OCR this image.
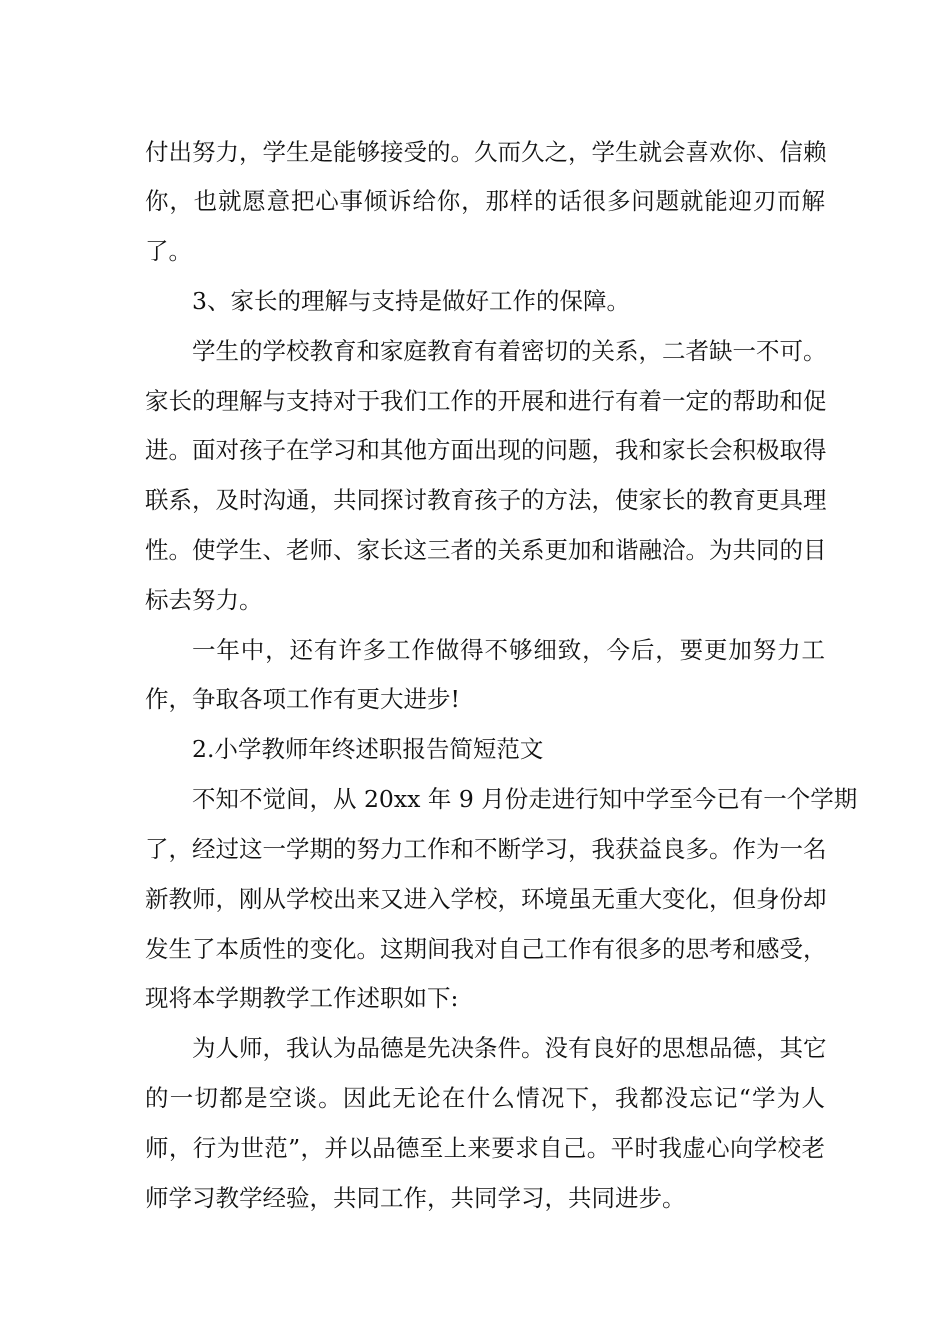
付出努力，学生是能够接受的。久而久之，学生就会喜欢你、信赖
你，也就愿意把心事倾诉给你，那样的话很多问题就能迎刃而解
了。
3、家长的理解与支持是做好工作的保障。
学生的学校教育和家庭教育有着密切的关系，二者缺一不可。
家长的理解与支持对于我们工作的开展和进行有着一定的帮助和促
进。面对孩子在学习和其他方面出现的问题，我和家长会积极取得
联系，及时沟通，共同探讨教育孩子的方法，使家长的教育更具理
性。使学生、老师、家长这三者的关系更加和谐融洽。为共同的目
标去努力。
一年中，还有许多工作做得不够细致，今后，要更加努力工
作，争取各项工作有更大进步!
2.小学教师年终述职报告简短范文
不知不觉间，从 20xx 年 9 月份走进行知中学至今已有一个学期
了，经过这一学期的努力工作和不断学习，我获益良多。作为一名
新教师，刚从学校出来又进入学校，环境虽无重大变化，但身份却
发生了本质性的变化。这期间我对自己工作有很多的思考和感受，
现将本学期教学工作述职如下:
为人师，我认为品德是先决条件。没有良好的思想品德，其它
的一切都是空谈。因此无论在什么情况下，我都没忘记“学为人
师，行为世范”，并以品德至上来要求自己。平时我虚心向学校老
师学习教学经验，共同工作，共同学习，共同进步。
